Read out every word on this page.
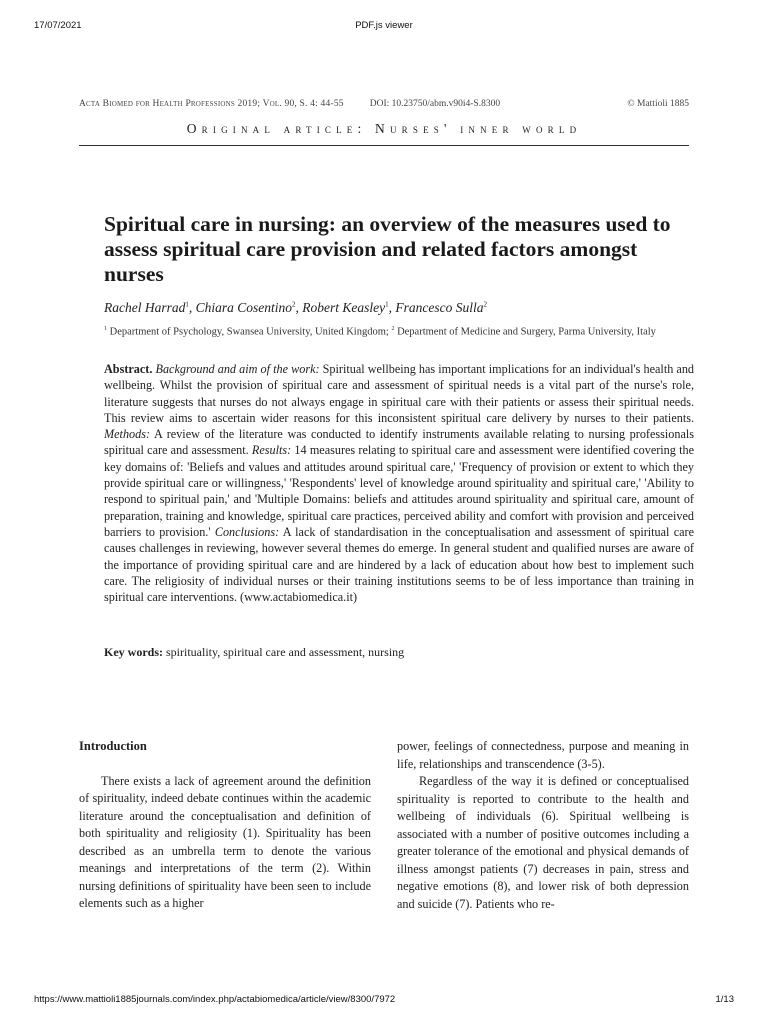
17/07/2021	PDF.js viewer
Acta Biomed for Health Professions 2019; Vol. 90, S. 4: 44-55	DOI: 10.23750/abm.v90i4-S.8300	© Mattioli 1885
Original article: Nurses' inner world
Spiritual care in nursing: an overview of the measures used to assess spiritual care provision and related factors amongst nurses
Rachel Harrad$^1$, Chiara Cosentino$^2$, Robert Keasley$^1$, Francesco Sulla$^2$
$^1$ Department of Psychology, Swansea University, United Kingdom; $^2$ Department of Medicine and Surgery, Parma University, Italy

Abstract. Background and aim of the work: Spiritual wellbeing has important implications for an individual's health and wellbeing. Whilst the provision of spiritual care and assessment of spiritual needs is a vital part of the nurse's role, literature suggests that nurses do not always engage in spiritual care with their patients or assess their spiritual needs. This review aims to ascertain wider reasons for this inconsistent spiritual care delivery by nurses to their patients. Methods: A review of the literature was conducted to identify instruments available relating to nursing professionals spiritual care and assessment. Results: 14 measures relating to spiritual care and assessment were identified covering the key domains of: 'Beliefs and values and attitudes around spiritual care,' 'Frequency of provision or extent to which they provide spiritual care or willingness,' 'Respondents' level of knowledge around spirituality and spiritual care,' 'Ability to respond to spiritual pain,' and 'Multiple Domains: beliefs and attitudes around spirituality and spiritual care, amount of preparation, training and knowledge, spiritual care practices, perceived ability and comfort with provision and perceived barriers to provision.' Conclusions: A lack of standardisation in the conceptualisation and assessment of spiritual care causes challenges in reviewing, however several themes do emerge. In general student and qualified nurses are aware of the importance of providing spiritual care and are hindered by a lack of education about how best to implement such care. The religiosity of individual nurses or their training institutions seems to be of less importance than training in spiritual care interventions. (www.actabiomedica.it)

Key words: spirituality, spiritual care and assessment, nursing

Introduction

There exists a lack of agreement around the definition of spirituality, indeed debate continues within the academic literature around the conceptualisation and definition of both spirituality and religiosity (1). Spirituality has been described as an umbrella term to denote the various meanings and interpretations of the term (2). Within nursing definitions of spirituality have been seen to include elements such as a higher

power, feelings of connectedness, purpose and meaning in life, relationships and transcendence (3-5).

Regardless of the way it is defined or conceptualised spirituality is reported to contribute to the health and wellbeing of individuals (6). Spiritual wellbeing is associated with a number of positive outcomes including a greater tolerance of the emotional and physical demands of illness amongst patients (7) decreases in pain, stress and negative emotions (8), and lower risk of both depression and suicide (7). Patients who re-

https://www.mattioli1885journals.com/index.php/actabiomedica/article/view/8300/7972	1/13
